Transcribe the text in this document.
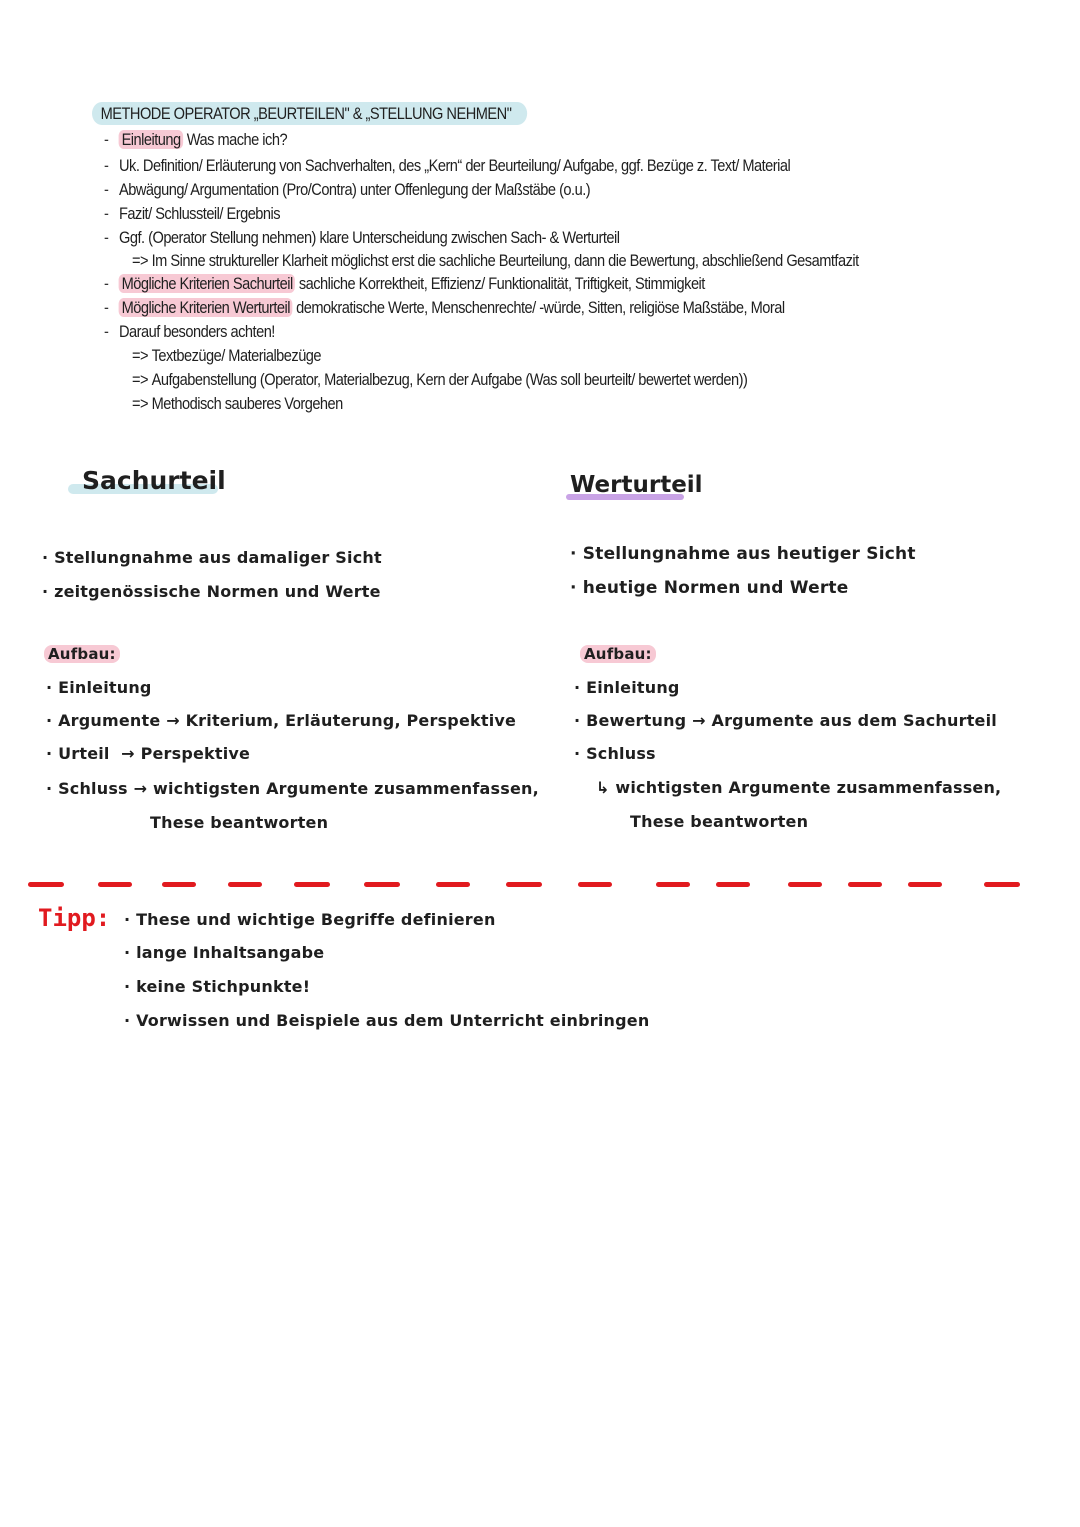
METHODE OPERATOR „BEURTEILEN" & „STELLUNG NEHMEN"
- Einleitung Was mache ich?
- Uk. Definition/ Erläuterung von Sachverhalten, des „Kern“ der Beurteilung/ Aufgabe, ggf. Bezüge z. Text/ Material
- Abwägung/ Argumentation (Pro/Contra) unter Offenlegung der Maßstäbe (o.u.)
- Fazit/ Schlussteil/ Ergebnis
- Ggf. (Operator Stellung nehmen) klare Unterscheidung zwischen Sach- & Werturteil
=> Im Sinne struktureller Klarheit möglichst erst die sachliche Beurteilung, dann die Bewertung, abschließend Gesamtfazit
- Mögliche Kriterien Sachurteil sachliche Korrektheit, Effizienz/ Funktionalität, Triftigkeit, Stimmigkeit
- Mögliche Kriterien Werturteil demokratische Werte, Menschenrechte/ -würde, Sitten, religiöse Maßstäbe, Moral
- Darauf besonders achten!
=> Textbezüge/ Materialbezüge
=> Aufgabenstellung (Operator, Materialbezug, Kern der Aufgabe (Was soll beurteilt/ bewertet werden))
=> Methodisch sauberes Vorgehen
Sachurteil
· Stellungnahme aus damaliger Sicht
· zeitgenössische Normen und Werte
Aufbau:
· Einleitung
· Argumente → Kriterium, Erläuterung, Perspektive
· Urteil → Perspektive
· Schluss → wichtigsten Argumente zusammenfassen,
These beantworten
Werturteil
· Stellungnahme aus heutiger Sicht
· heutige Normen und Werte
Aufbau:
· Einleitung
· Bewertung → Argumente aus dem Sachurteil
· Schluss
↳ wichtigsten Argumente zusammenfassen,
These beantworten
Tipp: · These und wichtige Begriffe definieren
· lange Inhaltsangabe
· keine Stichpunkte!
· Vorwissen und Beispiele aus dem Unterricht einbringen
